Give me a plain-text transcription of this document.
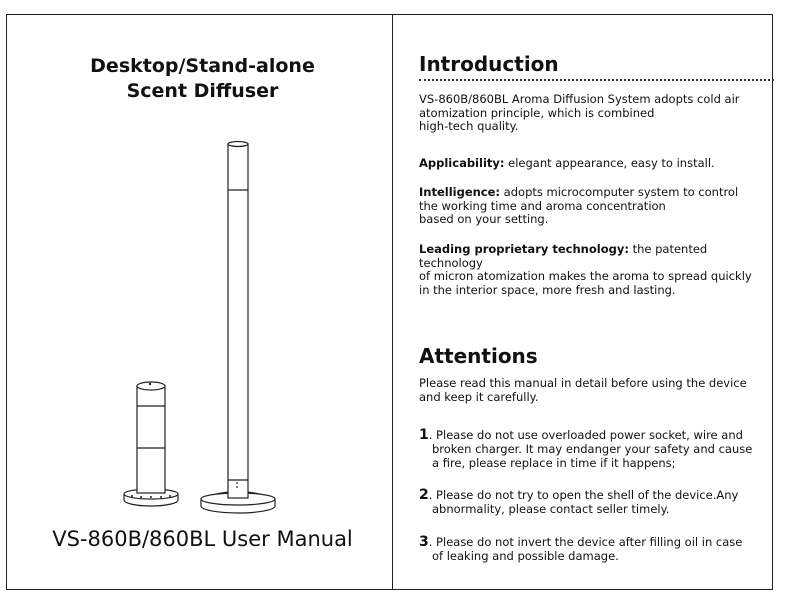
Desktop/Stand-alone
Scent Diffuser
VS-860B/860BL User Manual
Introduction
VS-860B/860BL Aroma Diffusion System adopts cold air
atomization principle, which is combined
high-tech quality.
Applicability: elegant appearance, easy to install.
Intelligence: adopts microcomputer system to control
the working time and aroma concentration
based on your setting.
Leading proprietary technology: the patented technology
of micron atomization makes the aroma to spread quickly
in the interior space, more fresh and lasting.
Attentions
Please read this manual in detail before using the device
and keep it carefully.
1. Please do not use overloaded power socket, wire and
broken charger. It may endanger your safety and cause
a fire, please replace in time if it happens;
2. Please do not try to open the shell of the device.Any
abnormality, please contact seller timely.
3. Please do not invert the device after filling oil in case
of leaking and possible damage.
